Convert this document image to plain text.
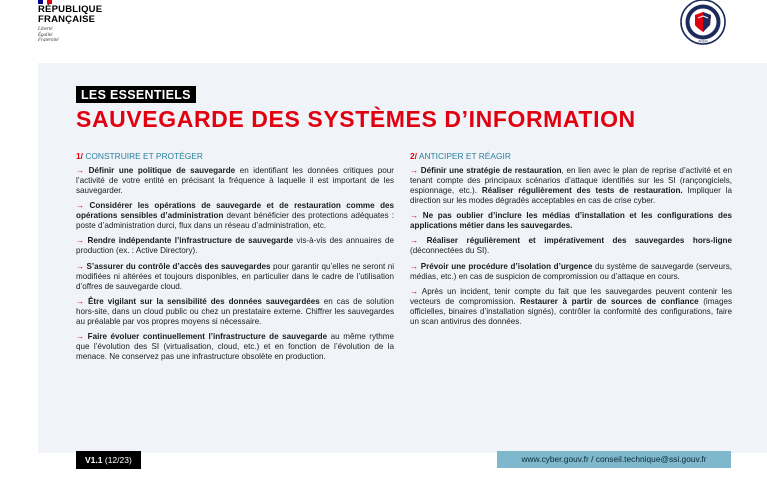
RÉPUBLIQUE
FRANÇAISE
Liberté
Égalité
Fraternité	ANSSI
LES ESSENTIELS
SAUVEGARDE DES SYSTÈMES D’INFORMATION
1/ CONSTRUIRE ET PROTÉGER
→ Définir une politique de sauvegarde en identifiant les données critiques pour l’activité de votre entité en précisant la fréquence à laquelle il est important de les sauvegarder.
→ Considérer les opérations de sauvegarde et de restauration comme des opérations sensibles d’administration devant bénéficier des protections adéquates : poste d’administration durci, flux dans un réseau d’administration, etc.
→ Rendre indépendante l’infrastructure de sauvegarde vis-à-vis des annuaires de production (ex. : Active Directory).
→ S’assurer du contrôle d’accès des sauvegardes pour garantir qu’elles ne seront ni modifiées ni altérées et toujours disponibles, en particulier dans le cadre de l’utilisation d’offres de sauvegarde cloud.
→ Être vigilant sur la sensibilité des données sauvegardées en cas de solution hors-site, dans un cloud public ou chez un prestataire externe. Chiffrer les sauvegardes au préalable par vos propres moyens si nécessaire.
→ Faire évoluer continuellement l’infrastructure de sauvegarde au même rythme que l’évolution des SI (virtualisation, cloud, etc.) et en fonction de l’évolution de la menace. Ne conservez pas une infrastructure obsolète en production.
2/ ANTICIPER ET RÉAGIR
→ Définir une stratégie de restauration, en lien avec le plan de reprise d’activité et en tenant compte des principaux scénarios d’attaque identifiés sur les SI (rançongiciels, espionnage, etc.). Réaliser régulièrement des tests de restauration. Impliquer la direction sur les modes dégradés acceptables en cas de crise cyber.
→ Ne pas oublier d’inclure les médias d’installation et les configurations des applications métier dans les sauvegardes.
→ Réaliser régulièrement et impérativement des sauvegardes hors-ligne (déconnectées du SI).
→ Prévoir une procédure d’isolation d’urgence du système de sauvegarde (serveurs, médias, etc.) en cas de suspicion de compromission ou d’attaque en cours.
→ Après un incident, tenir compte du fait que les sauvegardes peuvent contenir les vecteurs de compromission. Restaurer à partir de sources de confiance (images officielles, binaires d’installation signés), contrôler la conformité des configurations, faire un scan antivirus des données.
V1.1 (12/23)	www.cyber.gouv.fr / conseil.technique@ssi.gouv.fr
